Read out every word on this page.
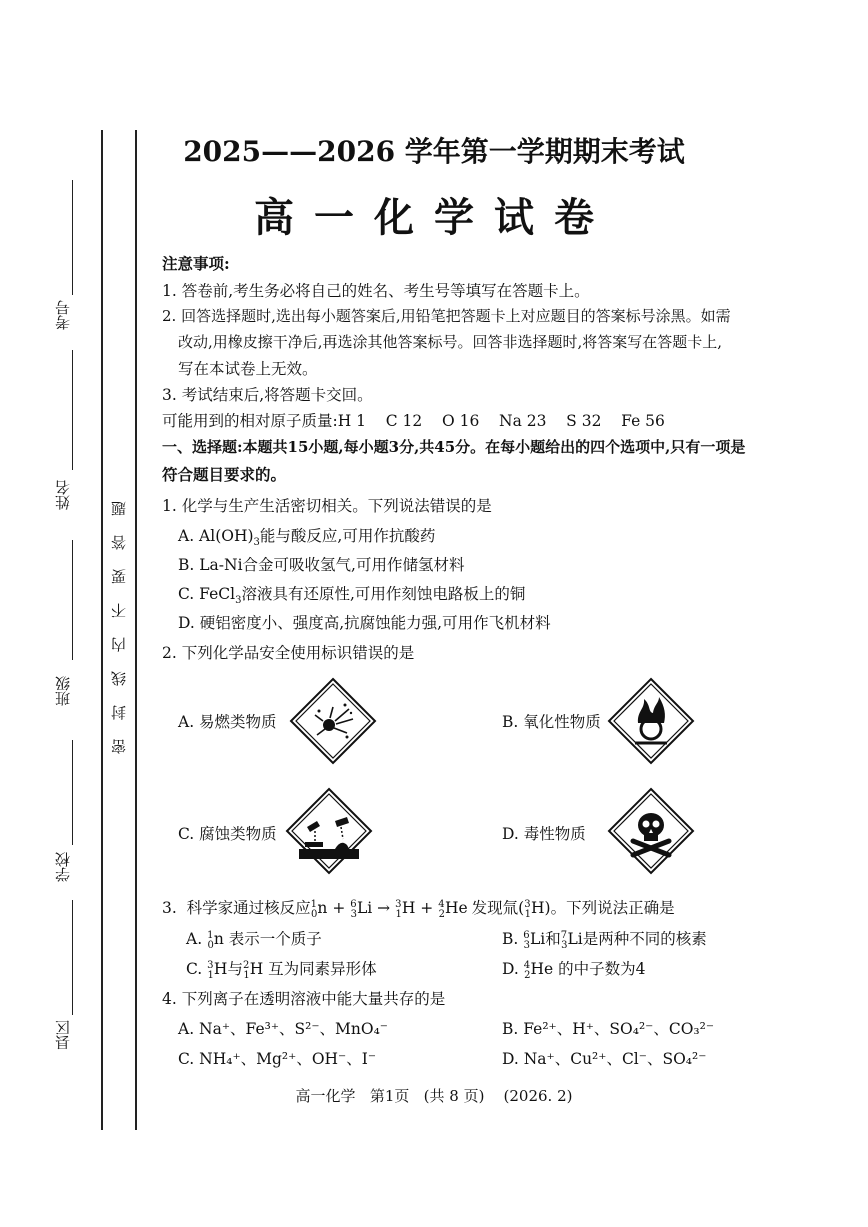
考号
姓名
班级
学校
县区
密封线内不要答题
2025——2026 学年第一学期期末考试
高一化学试卷
注意事项:
1. 答卷前,考生务必将自己的姓名、考生号等填写在答题卡上。
2. 回答选择题时,选出每小题答案后,用铅笔把答题卡上对应题目的答案标号涂黑。如需
改动,用橡皮擦干净后,再选涂其他答案标号。回答非选择题时,将答案写在答题卡上,
写在本试卷上无效。
3. 考试结束后,将答题卡交回。
可能用到的相对原子质量:H 1    C 12    O 16    Na 23    S 32    Fe 56
一、选择题:本题共15小题,每小题3分,共45分。在每小题给出的四个选项中,只有一项是
符合题目要求的。
1. 化学与生产生活密切相关。下列说法错误的是
A. $Al(OH)_3$能与酸反应,可用作抗酸药
B. La-Ni合金可吸收氢气,可用作储氢材料
C. FeCl$_3$溶液具有还原性,可用作刻蚀电路板上的铜
D. 硬铝密度小、强度高,抗腐蚀能力强,可用作飞机材料
2. 下列化学品安全使用标识错误的是
A. 易燃类物质	B. 氧化性物质
C. 腐蚀类物质	D. 毒性物质
3.  科学家通过核反应$^1_0$n + $^6_3$Li → $^3_1$H + $^4_2$He 发现氚($^3_1$H)。下列说法正确是
A. $^1_0$n 表示一个质子	B. $^6_3$Li和$^7_3$Li是两种不同的核素
C. $^3_1$H与$^2_1$H 互为同素异形体	D. $^4_2$He 的中子数为4
4. 下列离子在透明溶液中能大量共存的是
A. Na⁺、Fe³⁺、S²⁻、MnO₄⁻	B. Fe²⁺、H⁺、SO₄²⁻、CO₃²⁻
C. NH₄⁺、Mg²⁺、OH⁻、I⁻	D. Na⁺、Cu²⁺、Cl⁻、SO₄²⁻
高一化学   第1页   (共 8 页)    (2026. 2)
